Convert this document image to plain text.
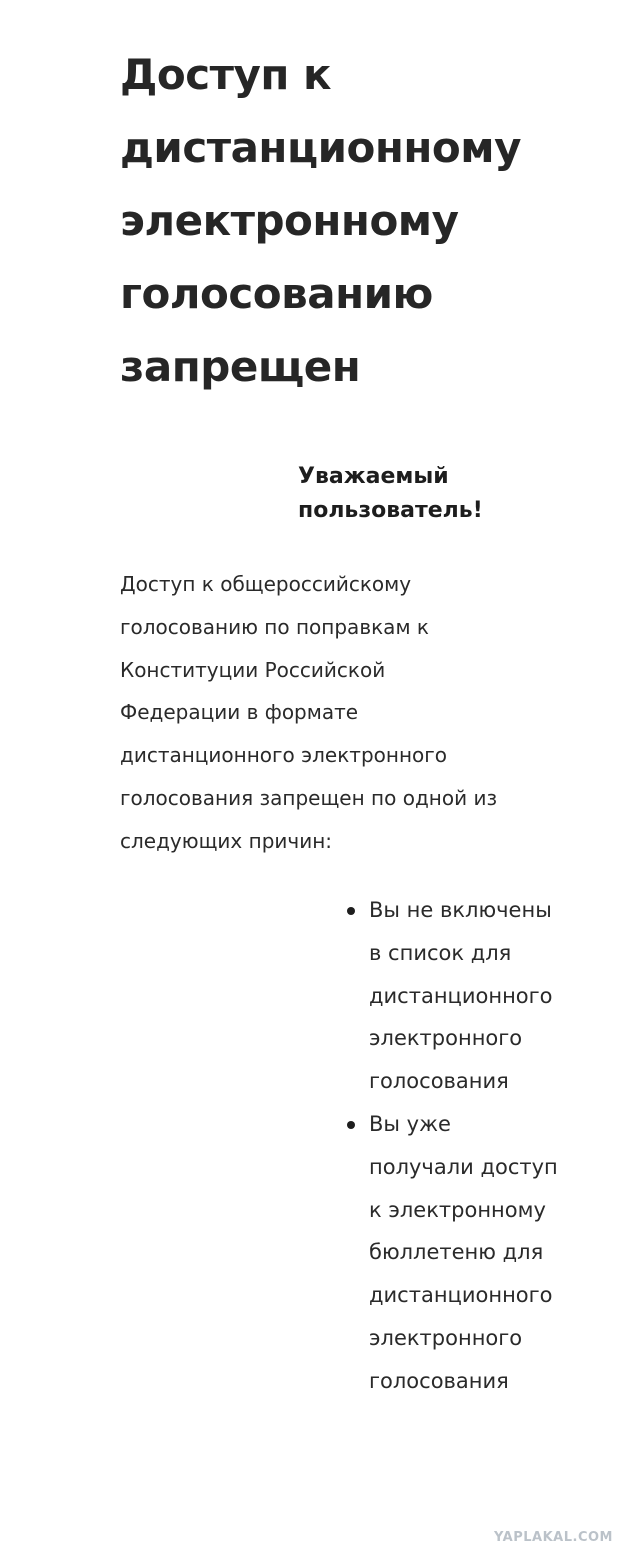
Доступ к дистанционному электронному голосованию запрещен

Уважаемый пользователь!

Доступ к общероссийскому голосованию по поправкам к Конституции Российской Федерации в формате дистанционного электронного голосования запрещен по одной из следующих причин:

Вы не включены в список для дистанционного электронного голосования
Вы уже получали доступ к электронному бюллетеню для дистанционного электронного голосования
YAPLAKAL.COM
